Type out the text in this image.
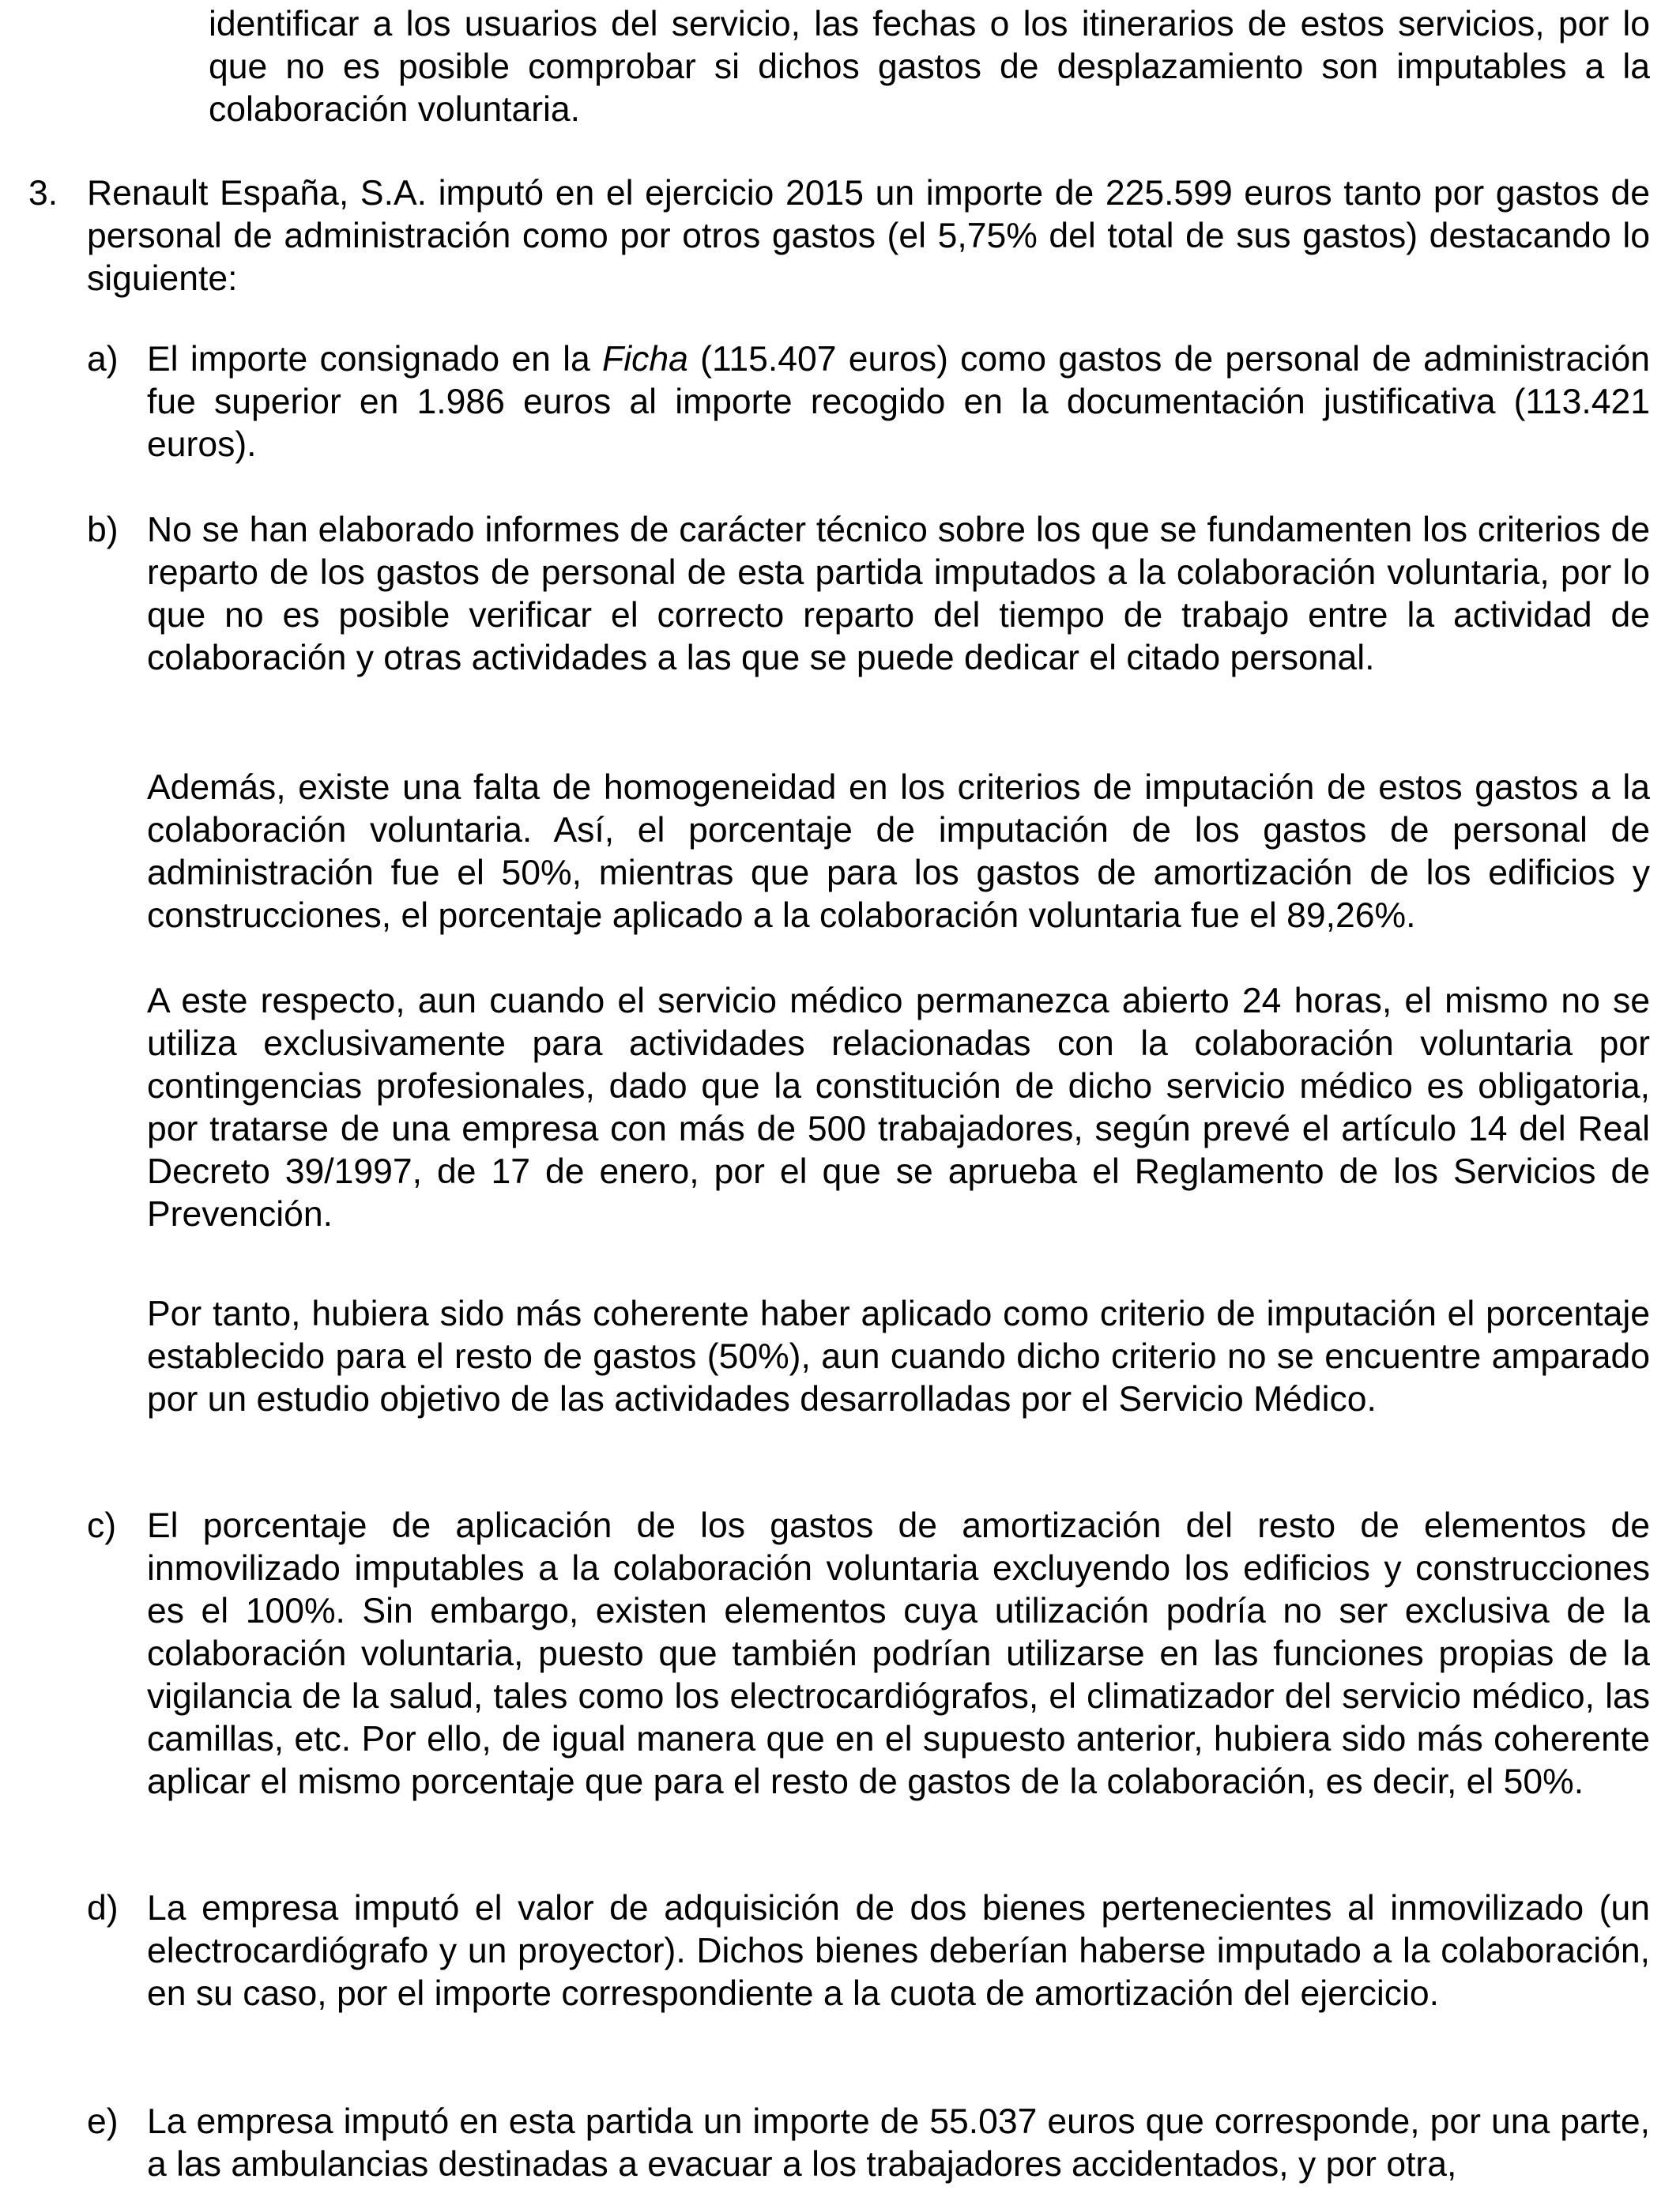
identificar a los usuarios del servicio, las fechas o los itinerarios de estos servicios, por lo que no es posible comprobar si dichos gastos de desplazamiento son imputables a la colaboración voluntaria.

3. Renault España, S.A. imputó en el ejercicio 2015 un importe de 225.599 euros tanto por gastos de personal de administración como por otros gastos (el 5,75% del total de sus gastos) destacando lo siguiente:

a) El importe consignado en la Ficha (115.407 euros) como gastos de personal de administración fue superior en 1.986 euros al importe recogido en la documentación justificativa (113.421 euros).

b) No se han elaborado informes de carácter técnico sobre los que se fundamenten los criterios de reparto de los gastos de personal de esta partida imputados a la colaboración voluntaria, por lo que no es posible verificar el correcto reparto del tiempo de trabajo entre la actividad de colaboración y otras actividades a las que se puede dedicar el citado personal.

Además, existe una falta de homogeneidad en los criterios de imputación de estos gastos a la colaboración voluntaria. Así, el porcentaje de imputación de los gastos de personal de administración fue el 50%, mientras que para los gastos de amortización de los edificios y construcciones, el porcentaje aplicado a la colaboración voluntaria fue el 89,26%.

A este respecto, aun cuando el servicio médico permanezca abierto 24 horas, el mismo no se utiliza exclusivamente para actividades relacionadas con la colaboración voluntaria por contingencias profesionales, dado que la constitución de dicho servicio médico es obligatoria, por tratarse de una empresa con más de 500 trabajadores, según prevé el artículo 14 del Real Decreto 39/1997, de 17 de enero, por el que se aprueba el Reglamento de los Servicios de Prevención.

Por tanto, hubiera sido más coherente haber aplicado como criterio de imputación el porcentaje establecido para el resto de gastos (50%), aun cuando dicho criterio no se encuentre amparado por un estudio objetivo de las actividades desarrolladas por el Servicio Médico.

c) El porcentaje de aplicación de los gastos de amortización del resto de elementos de inmovilizado imputables a la colaboración voluntaria excluyendo los edificios y construcciones es el 100%. Sin embargo, existen elementos cuya utilización podría no ser exclusiva de la colaboración voluntaria, puesto que también podrían utilizarse en las funciones propias de la vigilancia de la salud, tales como los electrocardiógrafos, el climatizador del servicio médico, las camillas, etc. Por ello, de igual manera que en el supuesto anterior, hubiera sido más coherente aplicar el mismo porcentaje que para el resto de gastos de la colaboración, es decir, el 50%.

d) La empresa imputó el valor de adquisición de dos bienes pertenecientes al inmovilizado (un electrocardiógrafo y un proyector). Dichos bienes deberían haberse imputado a la colaboración, en su caso, por el importe correspondiente a la cuota de amortización del ejercicio.

e) La empresa imputó en esta partida un importe de 55.037 euros que corresponde, por una parte, a las ambulancias destinadas a evacuar a los trabajadores accidentados, y por otra,
